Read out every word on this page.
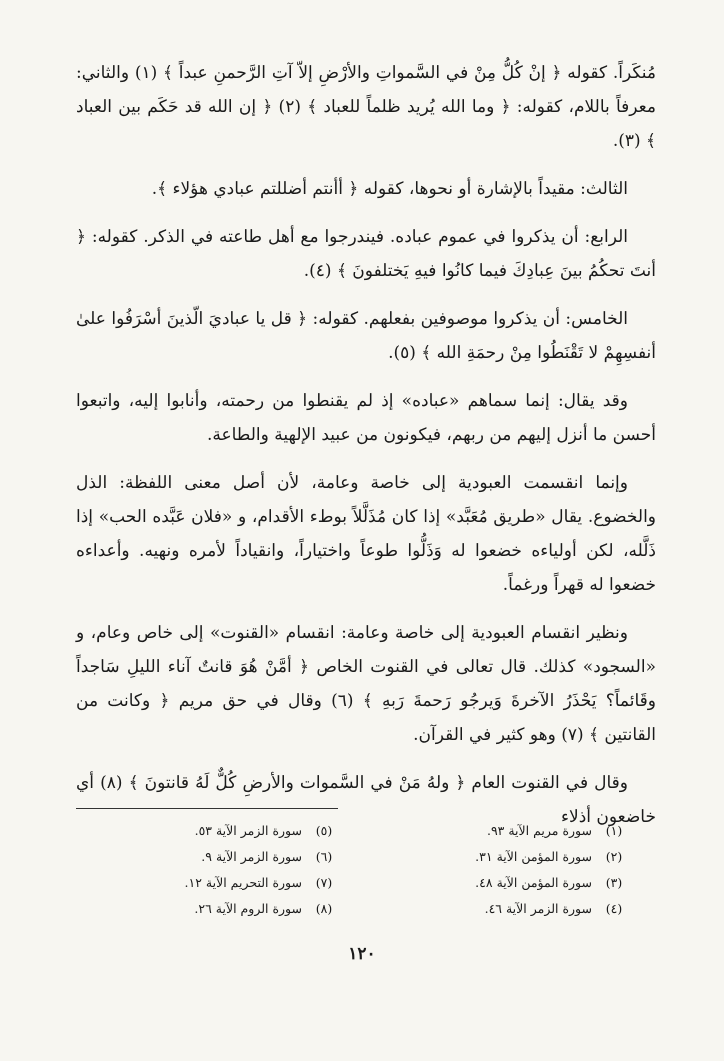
مُنكَراً. كقوله ﴿ إنْ كُلُّ مِنْ في السَّمواتِ والأرْضِ إلاّ آتِ الرَّحمنِ عبداً ﴾ (١) والثاني: معرفاً باللام، كقوله: ﴿ وما الله يُريد ظلماً للعباد ﴾ (٢) ﴿ إن الله قد حَكَم بين العباد ﴾ (٣).

الثالث: مقيداً بالإشارة أو نحوها، كقوله ﴿ أأنتم أضللتم عبادي هؤلاء ﴾.

الرابع: أن يذكروا في عموم عباده. فيندرجوا مع أهل طاعته في الذكر. كقوله: ﴿ أنتَ تحكُمُ بينَ عِبادِكَ فيما كانُوا فيهِ يَختلفونَ ﴾ (٤).

الخامس: أن يذكروا موصوفين بفعلهم. كقوله: ﴿ قل يا عباديَ الّذينَ أسْرَفُوا علىٰ أنفسِهِمْ لا تَقْنَطُوا مِنْ رحمَةِ الله ﴾ (٥).

وقد يقال: إنما سماهم «عباده» إذ لم يقنطوا من رحمته، وأنابوا إليه، واتبعوا أحسن ما أنزل إليهم من ربهم، فيكونون من عبيد الإلهية والطاعة.

وإنما انقسمت العبودية إلى خاصة وعامة، لأن أصل معنى اللفظة: الذل والخضوع. يقال «طريق مُعَبَّد» إذا كان مُذَلَّلاً بوطء الأقدام، و «فلان عَبَّده الحب» إذا ذَلَّله، لكن أولياءه خضعوا له وَذَلُّوا طوعاً واختياراً، وانقياداً لأمره ونهيه. وأعداءه خضعوا له قهراً ورغماً.

ونظير انقسام العبودية إلى خاصة وعامة: انقسام «القنوت» إلى خاص وعام، و «السجود» كذلك. قال تعالى في القنوت الخاص ﴿ أمَّنْ هُوَ قانتٌ آناء الليلِ سَاجداً وقَائماً؟ يَحْذَرُ الآخرةَ وَيرجُو رَحمةَ رَبهِ ﴾ (٦) وقال في حق مريم ﴿ وكانت من القانتين ﴾ (٧) وهو كثير في القرآن.

وقال في القنوت العام ﴿ ولهُ مَنْ في السَّموات والأرضِ كُلٌّ لَهُ قانتونَ ﴾ (٨) أي خاضعون أذلاء

(١)
سورة مريم الآية ٩٣.
(٢)
سورة المؤمن الآية ٣١.
(٣)
سورة المؤمن الآية ٤٨.
(٤)
سورة الزمر الآية ٤٦.
(٥)
سورة الزمر الآية ٥٣.
(٦)
سورة الزمر الآية ٩.
(٧)
سورة التحريم الآية ١٢.
(٨)
سورة الروم الآية ٢٦.
١٢٠
